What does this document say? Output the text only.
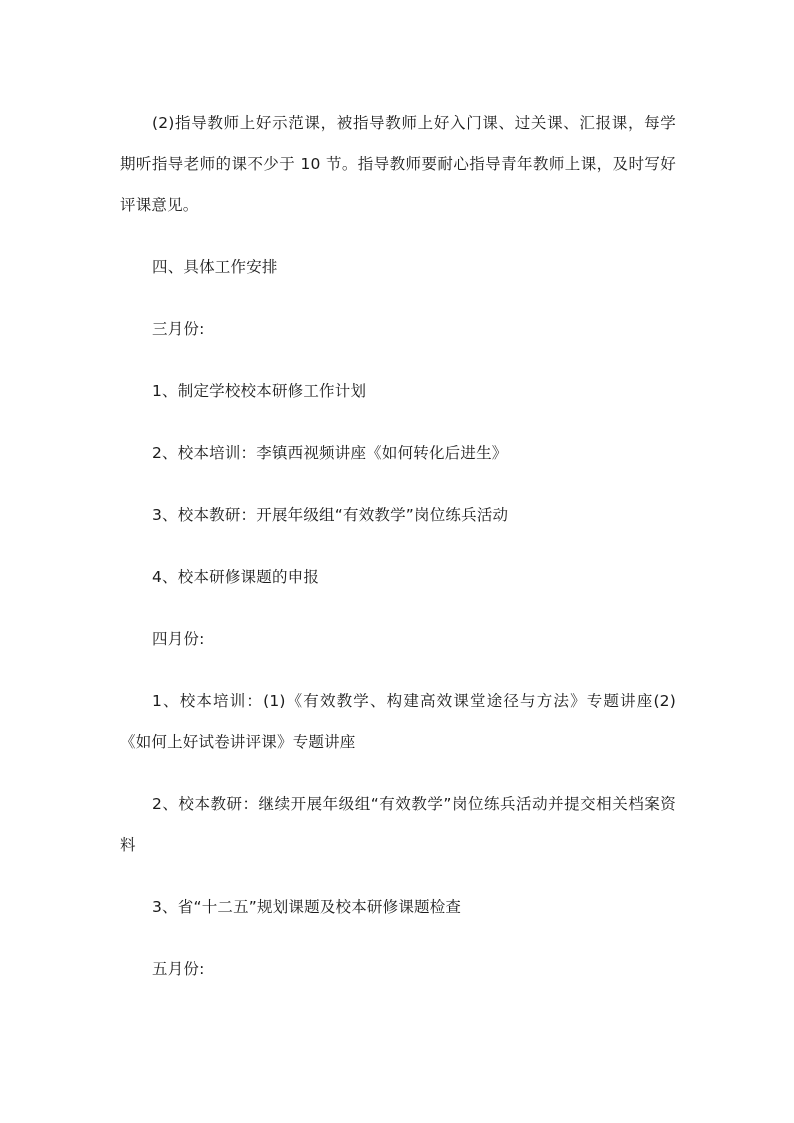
(2)指导教师上好示范课，被指导教师上好入门课、过关课、汇报课，每学期听指导老师的课不少于 10 节。指导教师要耐心指导青年教师上课，及时写好评课意见。

四、具体工作安排

三月份:

1、制定学校校本研修工作计划

2、校本培训：李镇西视频讲座《如何转化后进生》

3、校本教研：开展年级组“有效教学”岗位练兵活动

4、校本研修课题的申报

四月份:

1、校本培训：(1)《有效教学、构建高效课堂途径与方法》专题讲座(2)《如何上好试卷讲评课》专题讲座

2、校本教研：继续开展年级组“有效教学”岗位练兵活动并提交相关档案资料

3、省“十二五”规划课题及校本研修课题检查

五月份:
